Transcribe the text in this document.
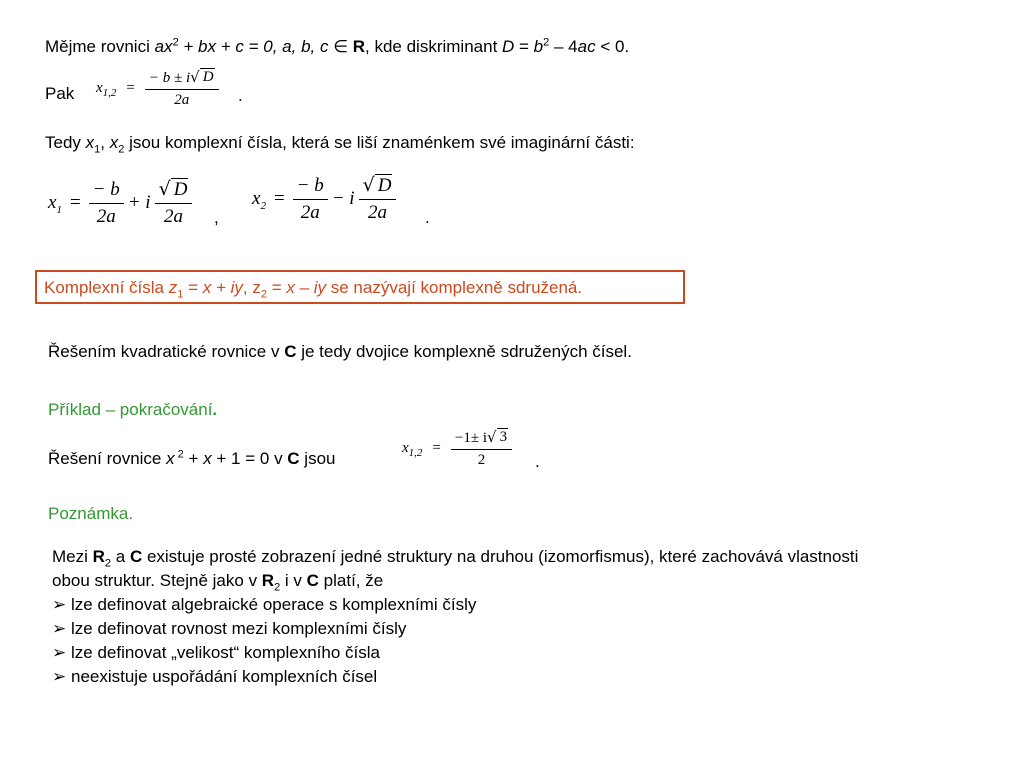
Mějme rovnici $ax^2$ + bx + c = 0, a, b, c ∈ R, kde diskriminant $D = b^2 - 4ac < 0$.
Pak $x_{1,2} = \frac{- b \pm i √ D}{2a}$ .
Tedy $x_1$, $x_2$ jsou komplexní čísla, která se liší znaménkem své imaginární části:
$x_1 = \frac{- b}{2a} + i \frac{√ D}{2a}$ ,
$x_2 = \frac{- b}{2a} - i \frac{√ D}{2a}$ .
Komplexní čísla $z_1 = x$ + iy, $z_2 = x$ – iy se nazývají komplexně sdružená.
Řešením kvadratické rovnice v C je tedy dvojice komplexně sdružených čísel.
Příklad – pokračování.
Řešení rovnice x $^2$ + x + 1 = 0 v C jsou
$x_{1,2} = \frac{-1\pm i √ 3}{2}$ .
Poznámka.
Mezi $R_2$ a C existuje prosté zobrazení jedné struktury na druhou (izomorfismus), které zachovává vlastnosti
obou struktur. Stejně jako v $R_2$ i v C platí, že
➢ lze definovat algebraické operace s komplexními čísly
➢ lze definovat rovnost mezi komplexními čísly
➢ lze definovat „velikost“ komplexního čísla
➢ neexistuje uspořádání komplexních čísel
